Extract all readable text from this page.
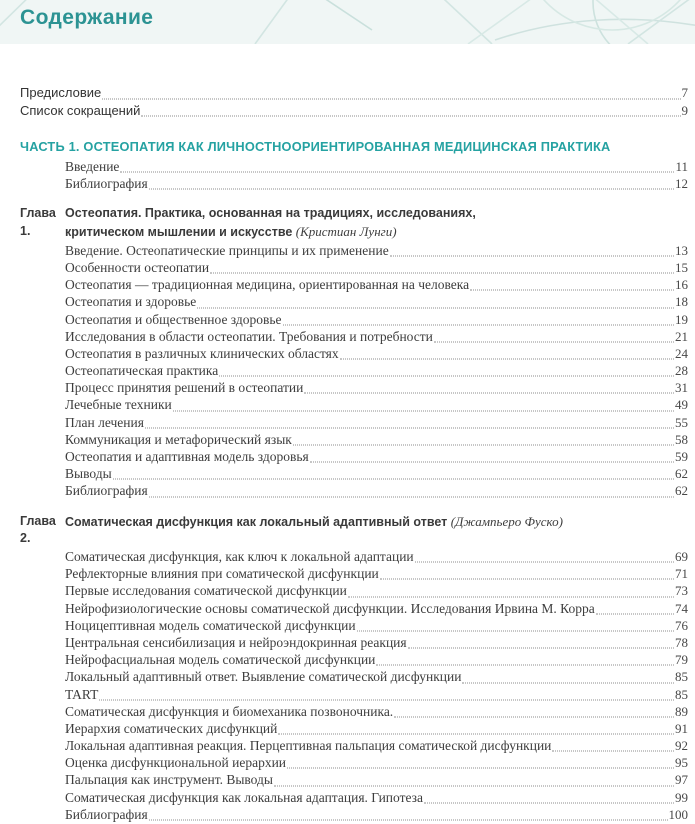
Содержание
Предисловие	7
Список сокращений	9
ЧАСТЬ 1. ОСТЕОПАТИЯ КАК ЛИЧНОСТНООРИЕНТИРОВАННАЯ МЕДИЦИНСКАЯ ПРАКТИКА
Введение	11
Библиография	12
Глава 1.
Остеопатия. Практика, основанная на традициях, исследованиях,
критическом мышлении и искусстве (Кристиан Лунги)
Введение. Остеопатические принципы и их применение	13
Особенности остеопатии	15
Остеопатия — традиционная медицина, ориентированная на человека	16
Остеопатия и здоровье	18
Остеопатия и общественное здоровье	19
Исследования в области остеопатии. Требования и потребности	21
Остеопатия в различных клинических областях	24
Остеопатическая практика	28
Процесс принятия решений в остеопатии	31
Лечебные техники	49
План лечения	55
Коммуникация и метафорический язык	58
Остеопатия и адаптивная модель здоровья	59
Выводы	62
Библиография	62
Глава 2.
Соматическая дисфункция как локальный адаптивный ответ (Джампьеро Фуско)
Соматическая дисфункция, как ключ к локальной адаптации	69
Рефлекторные влияния при соматической дисфункции	71
Первые исследования соматической дисфункции	73
Нейрофизиологические основы соматической дисфункции. Исследования Ирвина М. Корра	74
Ноцицептивная модель соматической дисфункции	76
Центральная сенсибилизация и нейроэндокринная реакция	78
Нейрофасциальная модель соматической дисфункции	79
Локальный адаптивный ответ. Выявление соматической дисфункции	85
TART	85
Соматическая дисфункция и биомеханика позвоночника.	89
Иерархия соматических дисфункций	91
Локальная адаптивная реакция. Перцептивная пальпация соматической дисфункции	92
Оценка дисфункциональной иерархии	95
Пальпация как инструмент. Выводы	97
Соматическая дисфункция как локальная адаптация. Гипотеза	99
Библиография	100
